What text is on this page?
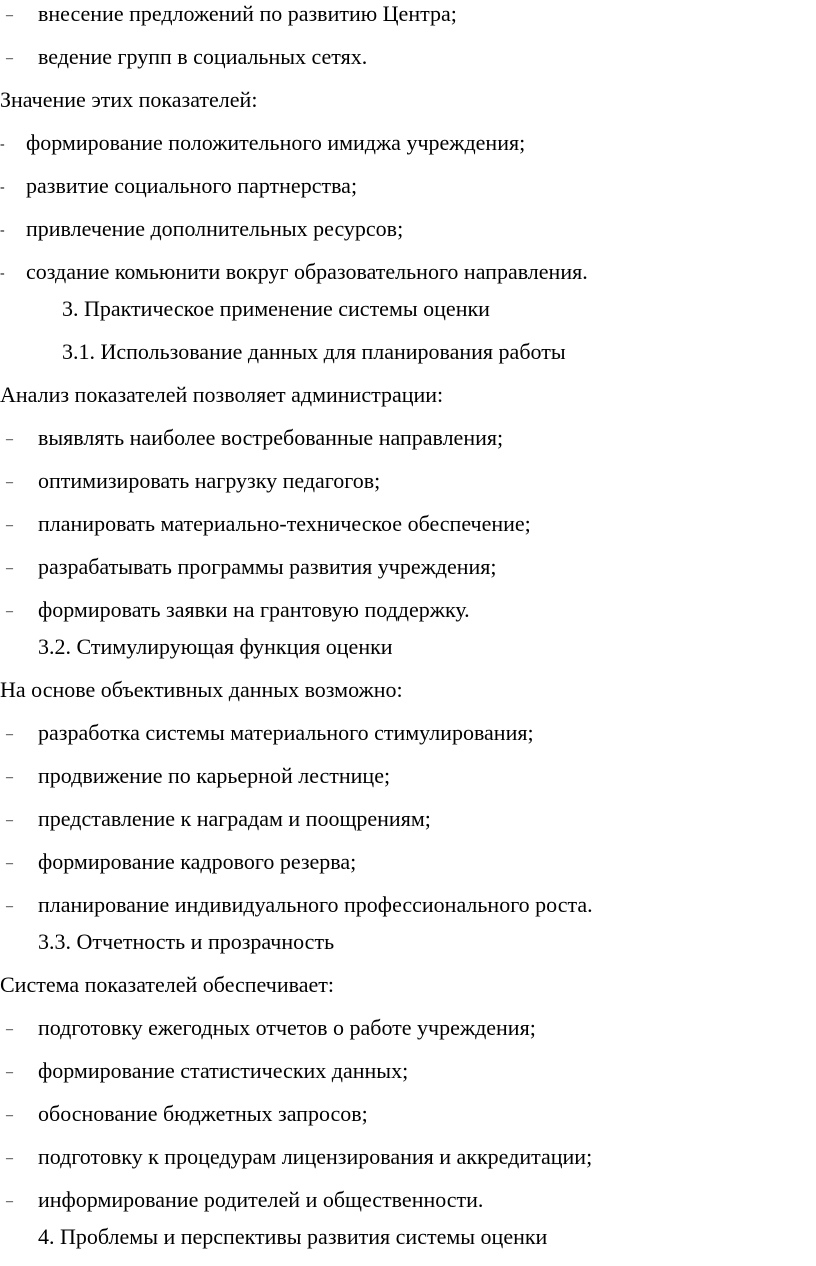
– внесение предложений по развитию Центра;
– ведение групп в социальных сетях.
Значение этих показателей:
- формирование положительного имиджа учреждения;
- развитие социального партнерства;
- привлечение дополнительных ресурсов;
- создание комьюнити вокруг образовательного направления.
3. Практическое применение системы оценки
3.1. Использование данных для планирования работы
Анализ показателей позволяет администрации:
– выявлять наиболее востребованные направления;
– оптимизировать нагрузку педагогов;
– планировать материально-техническое обеспечение;
– разрабатывать программы развития учреждения;
– формировать заявки на грантовую поддержку.
3.2. Стимулирующая функция оценки
На основе объективных данных возможно:
– разработка системы материального стимулирования;
– продвижение по карьерной лестнице;
– представление к наградам и поощрениям;
– формирование кадрового резерва;
– планирование индивидуального профессионального роста.
3.3. Отчетность и прозрачность
Система показателей обеспечивает:
– подготовку ежегодных отчетов о работе учреждения;
– формирование статистических данных;
– обоснование бюджетных запросов;
– подготовку к процедурам лицензирования и аккредитации;
– информирование родителей и общественности.
4. Проблемы и перспективы развития системы оценки
